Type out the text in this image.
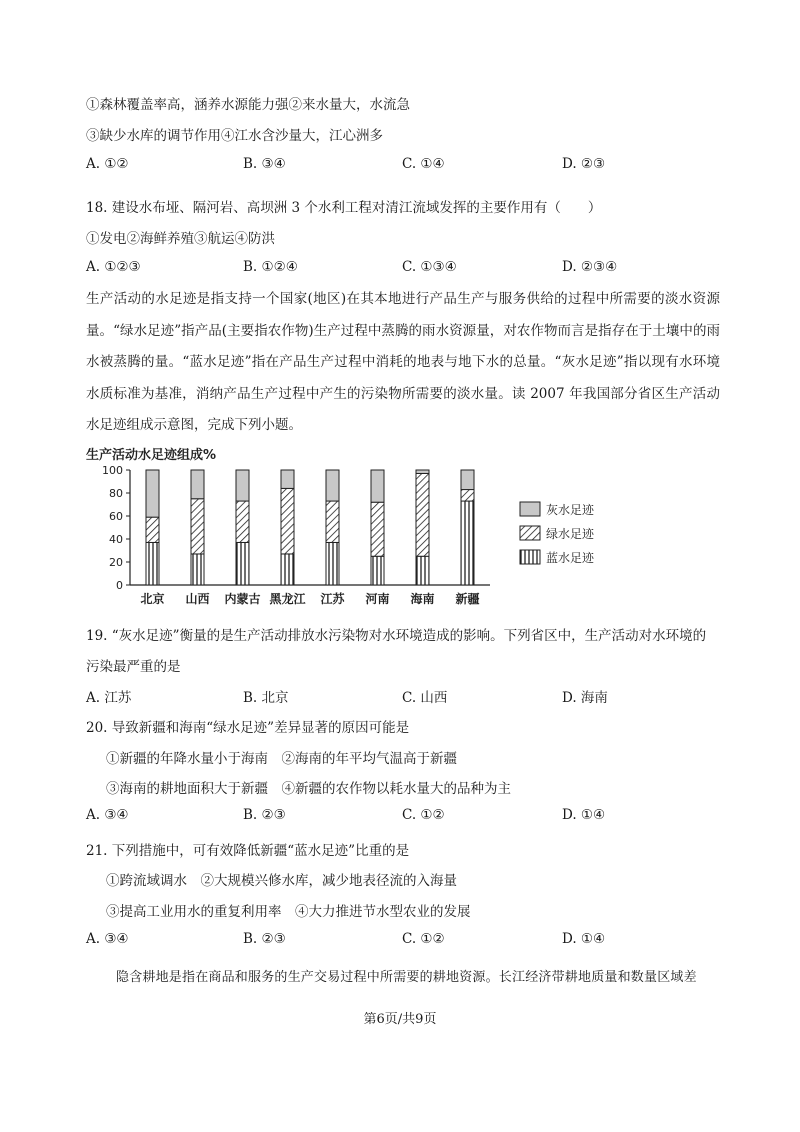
①森林覆盖率高，涵养水源能力强②来水量大，水流急
③缺少水库的调节作用④江水含沙量大，江心洲多
A. ①②	B. ③④	C. ①④	D. ②③
18. 建设水布垭、隔河岩、高坝洲 3 个水利工程对清江流域发挥的主要作用有（　　）
①发电②海鲜养殖③航运④防洪
A. ①②③	B. ①②④	C. ①③④	D. ②③④
生产活动的水足迹是指支持一个国家(地区)在其本地进行产品生产与服务供给的过程中所需要的淡水资源量。“绿水足迹”指产品(主要指农作物)生产过程中蒸腾的雨水资源量，对农作物而言是指存在于土壤中的雨水被蒸腾的量。“蓝水足迹”指在产品生产过程中消耗的地表与地下水的总量。“灰水足迹”指以现有水环境水质标准为基准，消纳产品生产过程中产生的污染物所需要的淡水量。读 2007 年我国部分省区生产活动水足迹组成示意图，完成下列小题。
生产活动水足迹组成%
0
20
40
60
80
100
北京 山西 内蒙古 黑龙江 江苏 河南 海南 新疆
灰水足迹
绿水足迹
蓝水足迹
19. “灰水足迹”衡量的是生产活动排放水污染物对水环境造成的影响。下列省区中，生产活动对水环境的
污染最严重的是
A. 江苏	B. 北京	C. 山西	D. 海南
20. 导致新疆和海南“绿水足迹”差异显著的原因可能是
①新疆的年降水量小于海南　②海南的年平均气温高于新疆
③海南的耕地面积大于新疆　④新疆的农作物以耗水量大的品种为主
A. ③④	B. ②③	C. ①②	D. ①④
21. 下列措施中，可有效降低新疆“蓝水足迹”比重的是
①跨流域调水　②大规模兴修水库，减少地表径流的入海量
③提高工业用水的重复利用率　④大力推进节水型农业的发展
A. ③④	B. ②③	C. ①②	D. ①④
隐含耕地是指在商品和服务的生产交易过程中所需要的耕地资源。长江经济带耕地质量和数量区域差
第6页/共9页
